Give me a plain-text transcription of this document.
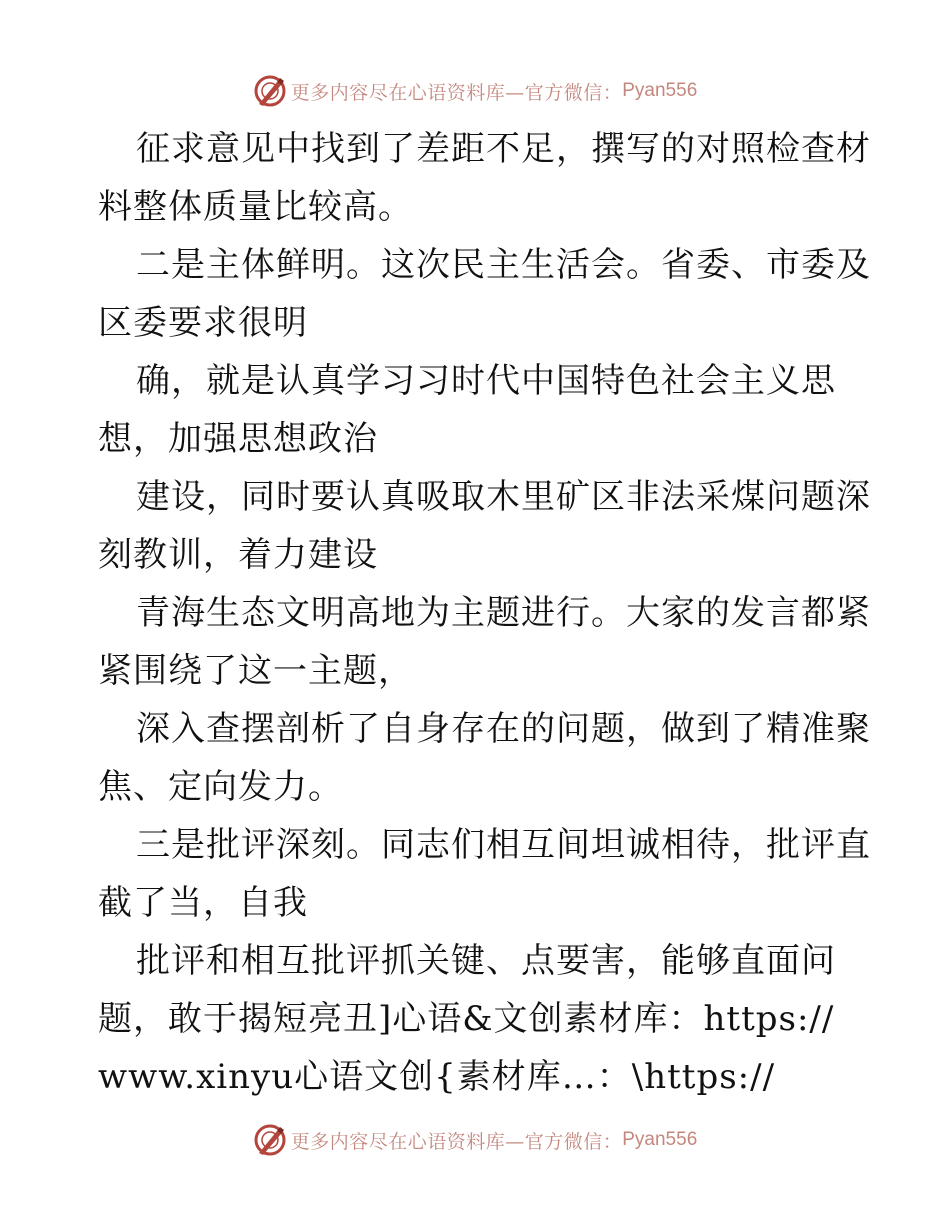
更多内容尽在心语资料库—官方微信： Pyan556
征求意见中找到了差距不足，撰写的对照检查材
料整体质量比较高。
二是主体鲜明。这次民主生活会。省委、市委及
区委要求很明
确，就是认真学习习时代中国特色社会主义思
想，加强思想政治
建设，同时要认真吸取木里矿区非法采煤问题深
刻教训，着力建设
青海生态文明高地为主题进行。大家的发言都紧
紧围绕了这一主题，
深入查摆剖析了自身存在的问题，做到了精准聚
焦、定向发力。
三是批评深刻。同志们相互间坦诚相待，批评直
截了当，自我
批评和相互批评抓关键、点要害，能够直面问
题，敢于揭短亮丑]心语&文创素材库：https://
www.xinyu心语文创{素材库…：\https://
更多内容尽在心语资料库—官方微信： Pyan556
